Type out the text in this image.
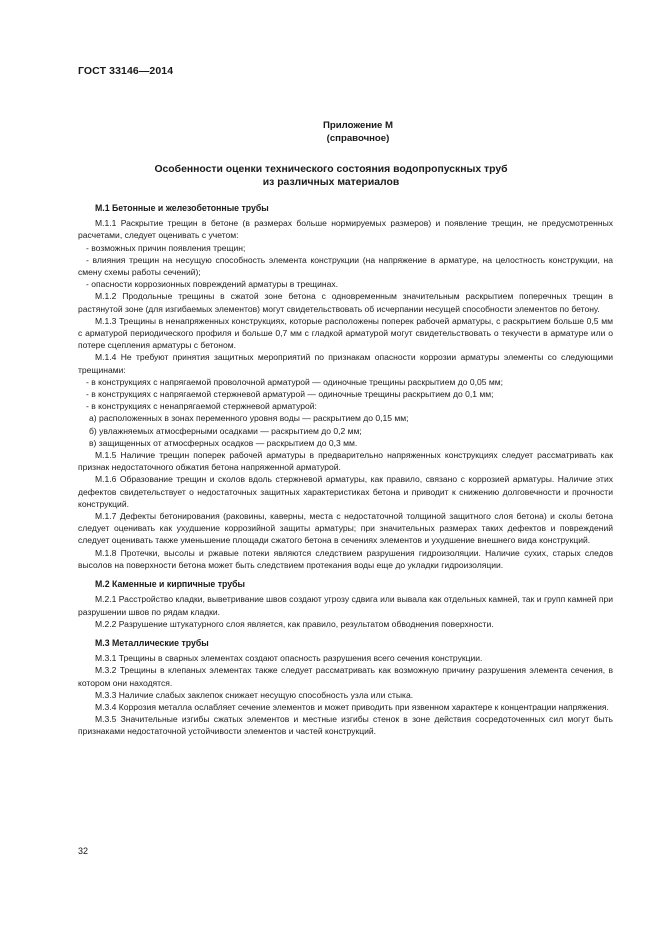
ГОСТ 33146—2014
Приложение М
(справочное)
Особенности оценки технического состояния водопропускных труб
из различных материалов
М.1 Бетонные и железобетонные трубы

М.1.1 Раскрытие трещин в бетоне (в размерах больше нормируемых размеров) и появление трещин, не предусмотренных расчетами, следует оценивать с учетом:

- возможных причин появления трещин;

- влияния трещин на несущую способность элемента конструкции (на напряжение в арматуре, на целостность конструкции, на смену схемы работы сечений);

- опасности коррозионных повреждений арматуры в трещинах.

М.1.2 Продольные трещины в сжатой зоне бетона с одновременным значительным раскрытием поперечных трещин в растянутой зоне (для изгибаемых элементов) могут свидетельствовать об исчерпании несущей способности элементов по бетону.

М.1.3 Трещины в ненапряженных конструкциях, которые расположены поперек рабочей арматуры, с раскрытием больше 0,5 мм с арматурой периодического профиля и больше 0,7 мм с гладкой арматурой могут свидетельствовать о текучести в арматуре или о потере сцепления арматуры с бетоном.

М.1.4 Не требуют принятия защитных мероприятий по признакам опасности коррозии арматуры элементы со следующими трещинами:

- в конструкциях с напрягаемой проволочной арматурой — одиночные трещины раскрытием до 0,05 мм;

- в конструкциях с напрягаемой стержневой арматурой — одиночные трещины раскрытием до 0,1 мм;

- в конструкциях с ненапрягаемой стержневой арматурой:

а) расположенных в зонах переменного уровня воды — раскрытием до 0,15 мм;

б) увлажняемых атмосферными осадками — раскрытием до 0,2 мм;

в) защищенных от атмосферных осадков — раскрытием до 0,3 мм.

М.1.5 Наличие трещин поперек рабочей арматуры в предварительно напряженных конструкциях следует рассматривать как признак недостаточного обжатия бетона напряженной арматурой.

М.1.6 Образование трещин и сколов вдоль стержневой арматуры, как правило, связано с коррозией арматуры. Наличие этих дефектов свидетельствует о недостаточных защитных характеристиках бетона и приводит к снижению долговечности и прочности конструкций.

М.1.7 Дефекты бетонирования (раковины, каверны, места с недостаточной толщиной защитного слоя бетона) и сколы бетона следует оценивать как ухудшение коррозийной защиты арматуры; при значительных размерах таких дефектов и повреждений следует оценивать также уменьшение площади сжатого бетона в сечениях элементов и ухудшение внешнего вида конструкций.

М.1.8 Протечки, высолы и ржавые потеки являются следствием разрушения гидроизоляции. Наличие сухих, старых следов высолов на поверхности бетона может быть следствием протекания воды еще до укладки гидроизоляции.

М.2 Каменные и кирпичные трубы

М.2.1 Расстройство кладки, выветривание швов создают угрозу сдвига или вывала как отдельных камней, так и групп камней при разрушении швов по рядам кладки.

М.2.2 Разрушение штукатурного слоя является, как правило, результатом обводнения поверхности.

М.3 Металлические трубы

М.3.1 Трещины в сварных элементах создают опасность разрушения всего сечения конструкции.

М.3.2 Трещины в клепаных элементах также следует рассматривать как возможную причину разрушения элемента сечения, в котором они находятся.

М.3.3 Наличие слабых заклепок снижает несущую способность узла или стыка.

М.3.4 Коррозия металла ослабляет сечение элементов и может приводить при язвенном характере к концентрации напряжения.

М.3.5 Значительные изгибы сжатых элементов и местные изгибы стенок в зоне действия сосредоточенных сил могут быть признаками недостаточной устойчивости элементов и частей конструкций.

32
